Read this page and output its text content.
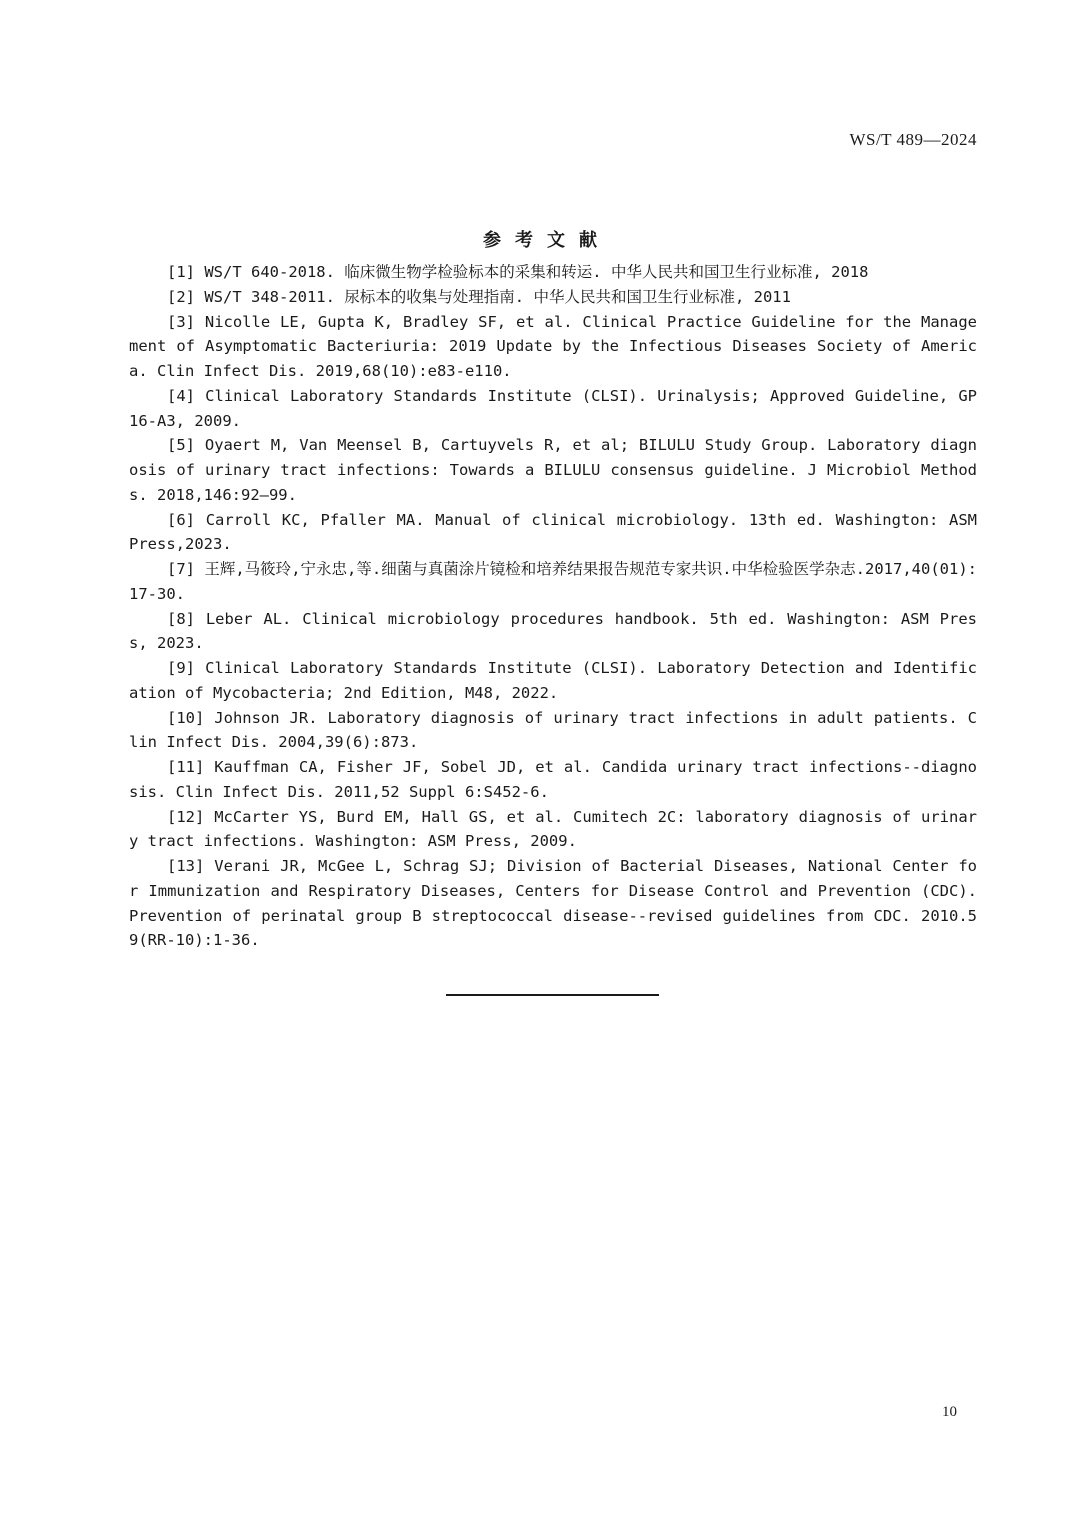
WS/T 489—2024
参考文献

[1] WS/T 640-2018. 临床微生物学检验标本的采集和转运. 中华人民共和国卫生行业标准, 2018

[2] WS/T 348-2011. 尿标本的收集与处理指南. 中华人民共和国卫生行业标准, 2011

[3] Nicolle LE, Gupta K, Bradley SF, et al. Clinical Practice Guideline for the Management of Asymptomatic Bacteriuria: 2019 Update by the Infectious Diseases Society of America. Clin Infect Dis. 2019,68(10):e83-e110.

[4] Clinical Laboratory Standards Institute (CLSI). Urinalysis; Approved Guideline, GP16-A3, 2009.

[5] Oyaert M, Van Meensel B, Cartuyvels R, et al; BILULU Study Group. Laboratory diagnosis of urinary tract infections: Towards a BILULU consensus guideline. J Microbiol Methods. 2018,146:92–99.

[6] Carroll KC, Pfaller MA. Manual of clinical microbiology. 13th ed. Washington: ASM Press,2023.

[7] 王辉,马筱玲,宁永忠,等.细菌与真菌涂片镜检和培养结果报告规范专家共识.中华检验医学杂志.2017,40(01):17-30.

[8] Leber AL. Clinical microbiology procedures handbook. 5th ed. Washington: ASM Press, 2023.

[9] Clinical Laboratory Standards Institute (CLSI). Laboratory Detection and Identification of Mycobacteria; 2nd Edition, M48, 2022.

[10] Johnson JR. Laboratory diagnosis of urinary tract infections in adult patients. Clin Infect Dis. 2004,39(6):873.

[11] Kauffman CA, Fisher JF, Sobel JD, et al. Candida urinary tract infections--diagnosis. Clin Infect Dis. 2011,52 Suppl 6:S452-6.

[12] McCarter YS, Burd EM, Hall GS, et al. Cumitech 2C: laboratory diagnosis of urinary tract infections. Washington: ASM Press, 2009.

[13] Verani JR, McGee L, Schrag SJ; Division of Bacterial Diseases, National Center for Immunization and Respiratory Diseases, Centers for Disease Control and Prevention (CDC). Prevention of perinatal group B streptococcal disease--revised guidelines from CDC. 2010.59(RR-10):1-36.

10
